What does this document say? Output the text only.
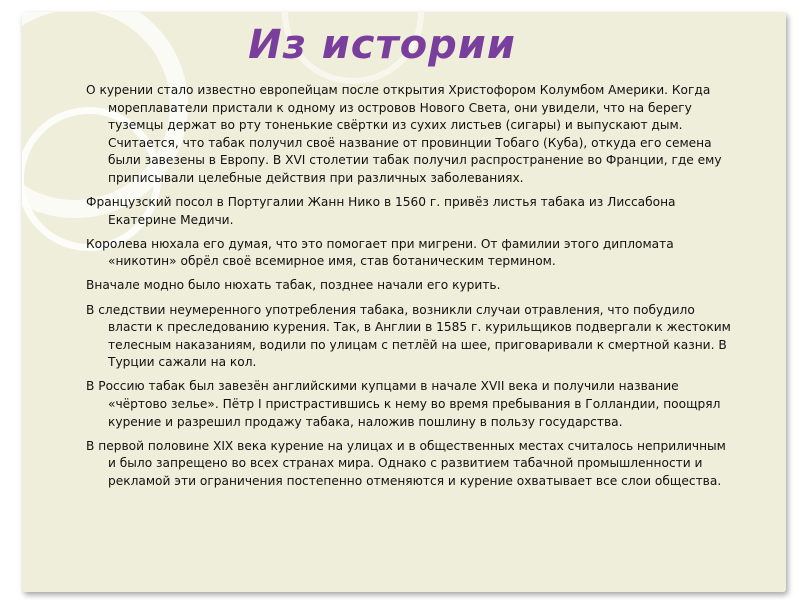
Из истории

О курении стало известно европейцам после открытия Христофором Колумбом Америки. Когда мореплаватели пристали к одному из островов Нового Света, они увидели, что на берегу туземцы держат во рту тоненькие свёртки из сухих листьев (сигары) и выпускают дым. Считается, что табак получил своё название от провинции Тобаго (Куба), откуда его семена были завезены в Европу. В XVI столетии табак получил распространение во Франции, где ему приписывали целебные действия при различных заболеваниях.

Французский посол в Португалии Жанн Нико в 1560 г. привёз листья табака из Лиссабона Екатерине Медичи.

Королева нюхала его думая, что это помогает при мигрени. От фамилии этого дипломата «никотин» обрёл своё всемирное имя, став ботаническим термином.

Вначале модно было нюхать табак, позднее начали его курить.

В следствии неумеренного употребления табака, возникли случаи отравления, что побудило власти к преследованию курения. Так, в Англии в 1585 г. курильщиков подвергали к жестоким телесным наказаниям, водили по улицам с петлёй на шее, приговаривали к смертной казни. В Турции сажали на кол.

В Россию табак был завезён английскими купцами в начале XVII века и получили название «чёртово зелье». Пётр I пристрастившись к нему во время пребывания в Голландии, поощрял курение и разрешил продажу табака, наложив пошлину в пользу государства.

В первой половине XIX века курение на улицах и в общественных местах считалось неприличным и было запрещено во всех странах мира. Однако с развитием табачной промышленности и рекламой эти ограничения постепенно отменяются и курение охватывает все слои общества.
